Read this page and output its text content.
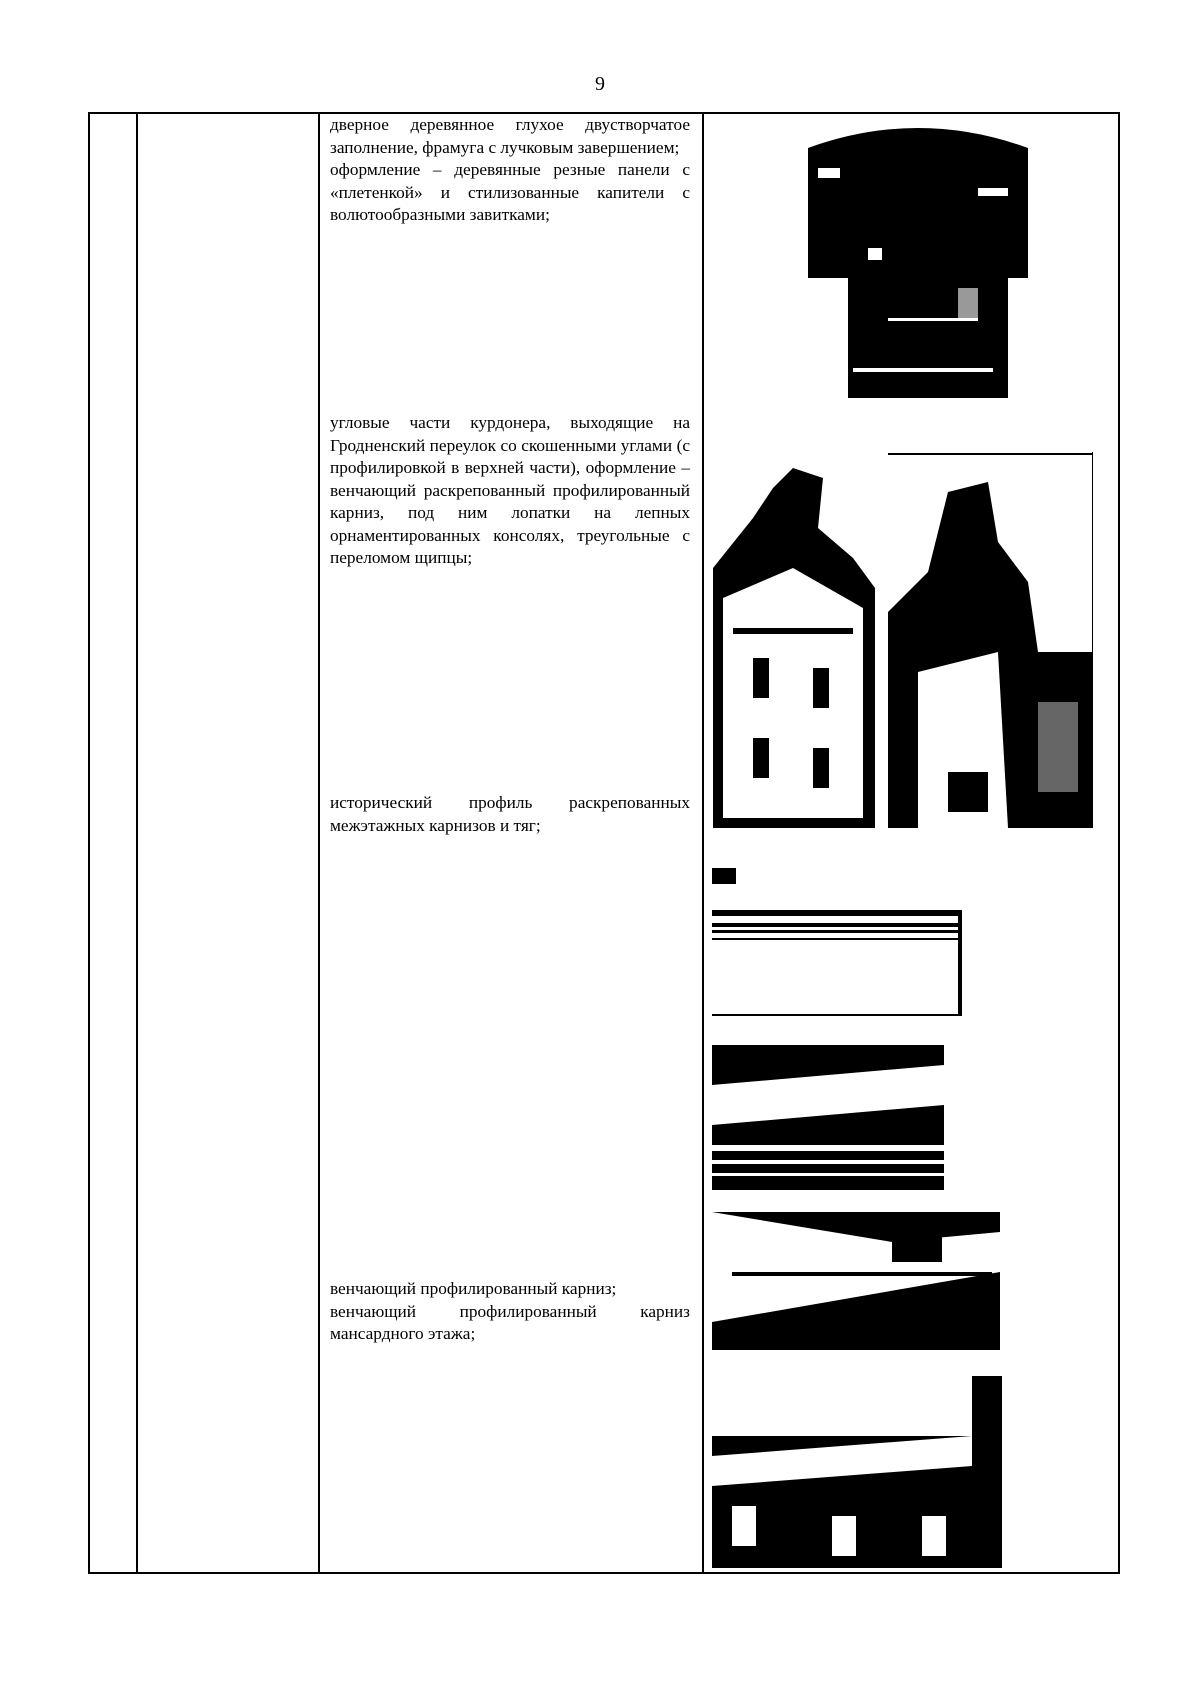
9

дверное деревянное глухое двустворчатое заполнение, фрамуга с лучковым завершением;

оформление – деревянные резные панели с «плетенкой» и стилизованные капители с волютообразными завитками;

угловые части курдонера, выходящие на Гродненский переулок со скошенными углами (с профилировкой в верхней части), оформление – венчающий раскрепованный профилированный карниз, под ним лопатки на лепных орнаментированных консолях, треугольные с переломом щипцы;

исторический профиль раскрепованных межэтажных карнизов и тяг;

венчающий профилированный карниз;

венчающий профилированный карниз мансардного этажа;
